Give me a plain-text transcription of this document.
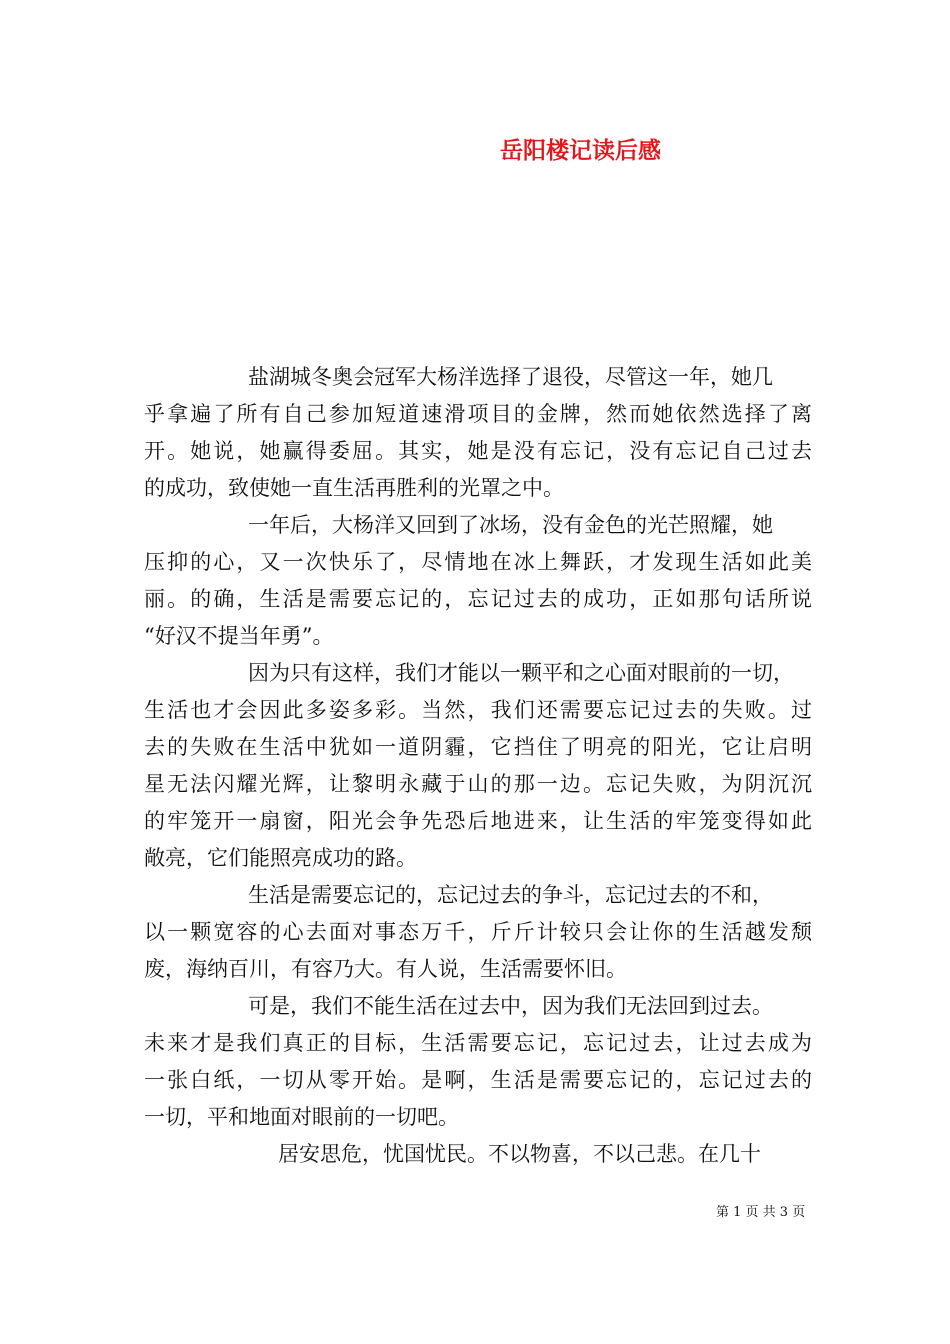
岳阳楼记读后感

盐湖城冬奥会冠军大杨洋选择了退役，尽管这一年，她几

乎拿遍了所有自己参加短道速滑项目的金牌，然而她依然选择了离

开。她说，她赢得委屈。其实，她是没有忘记，没有忘记自己过去

的成功，致使她一直生活再胜利的光罩之中。

一年后，大杨洋又回到了冰场，没有金色的光芒照耀，她

压抑的心，又一次快乐了，尽情地在冰上舞跃，才发现生活如此美

丽。的确，生活是需要忘记的，忘记过去的成功，正如那句话所说

“好汉不提当年勇”。

因为只有这样，我们才能以一颗平和之心面对眼前的一切，

生活也才会因此多姿多彩。当然，我们还需要忘记过去的失败。过

去的失败在生活中犹如一道阴霾，它挡住了明亮的阳光，它让启明

星无法闪耀光辉，让黎明永藏于山的那一边。忘记失败，为阴沉沉

的牢笼开一扇窗，阳光会争先恐后地进来，让生活的牢笼变得如此

敞亮，它们能照亮成功的路。

生活是需要忘记的，忘记过去的争斗，忘记过去的不和，

以一颗宽容的心去面对事态万千，斤斤计较只会让你的生活越发颓

废，海纳百川，有容乃大。有人说，生活需要怀旧。

可是，我们不能生活在过去中，因为我们无法回到过去。

未来才是我们真正的目标，生活需要忘记，忘记过去，让过去成为

一张白纸，一切从零开始。是啊，生活是需要忘记的，忘记过去的

一切，平和地面对眼前的一切吧。

居安思危，忧国忧民。不以物喜，不以己悲。在几十

第 1 页 共 3 页
